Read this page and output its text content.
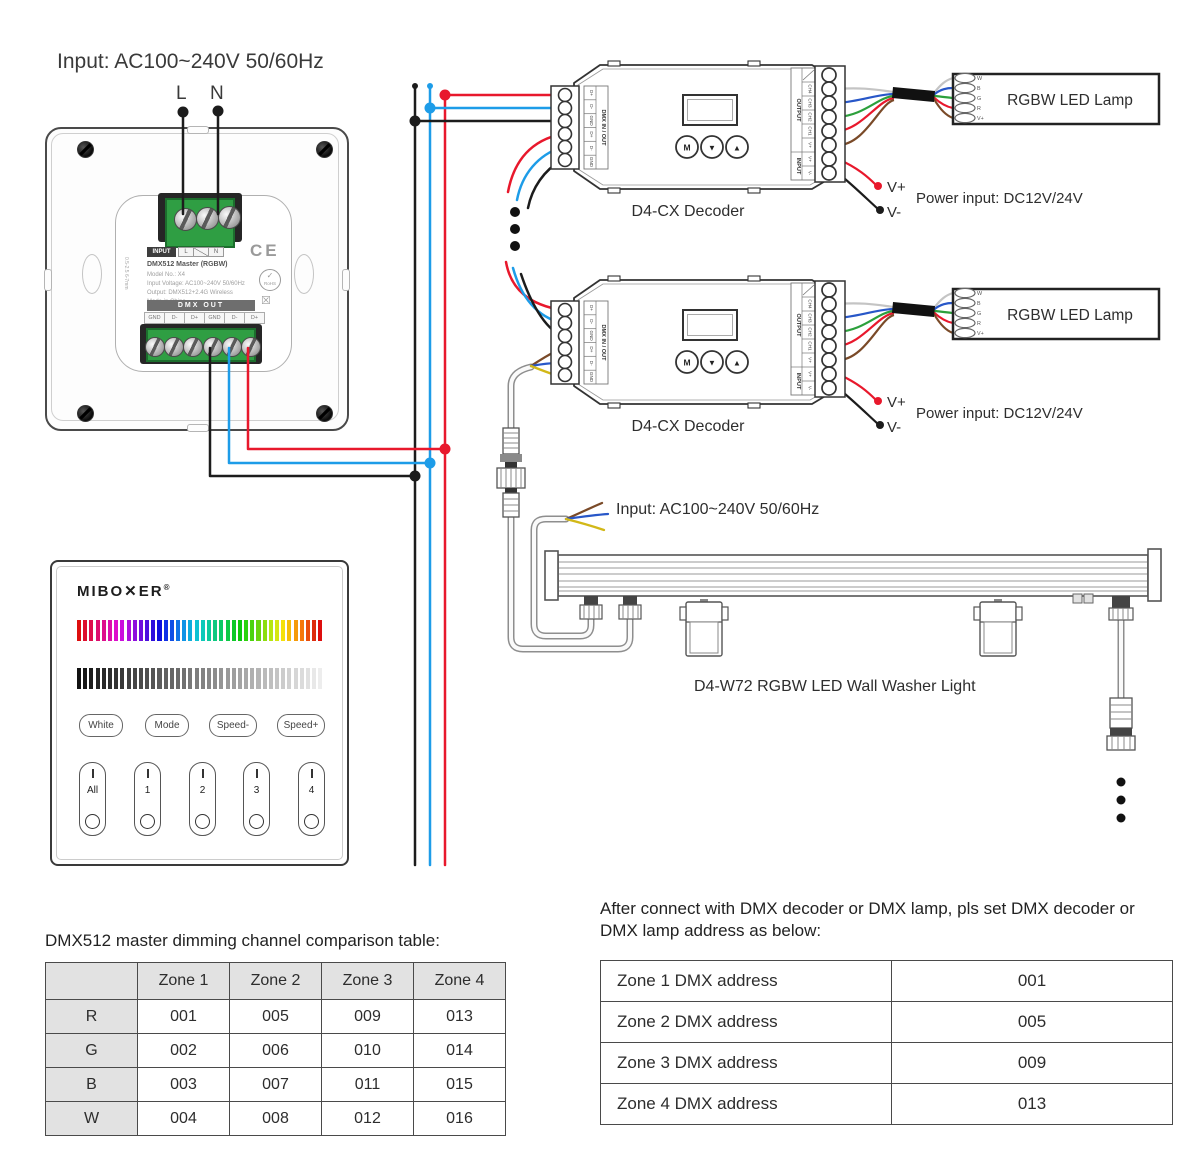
Input: AC100~240V 50/60Hz
L N
INPUT	L	N
DMX512 Master (RGBW)
Model No.: X4
Input Voltage: AC100~240V 50/60Hz
Output: DMX512+2.4G Wireless
CE
✓
RoHS
☒
0.5-2.5 6-7mm
DMX OUT
GND	D-	D+	GND	D-	D+
Input: AC100~240V 50/60Hz
D4-W72 RGBW LED Wall Washer Light
MIBO✕ER®
White	Mode	Speed-	Speed+
All	1	2	3	4
DMX512 master dimming channel comparison table:
	Zone 1	Zone 2	Zone 3	Zone 4
R	001	005	009	013
G	002	006	010	014
B	003	007	011	015
W	004	008	012	016
After connect with DMX decoder or DMX lamp, pls set DMX decoder or DMX lamp address as below:
Zone 1 DMX address	001
Zone 2 DMX address	005
Zone 3 DMX address	009
Zone 4 DMX address	013
